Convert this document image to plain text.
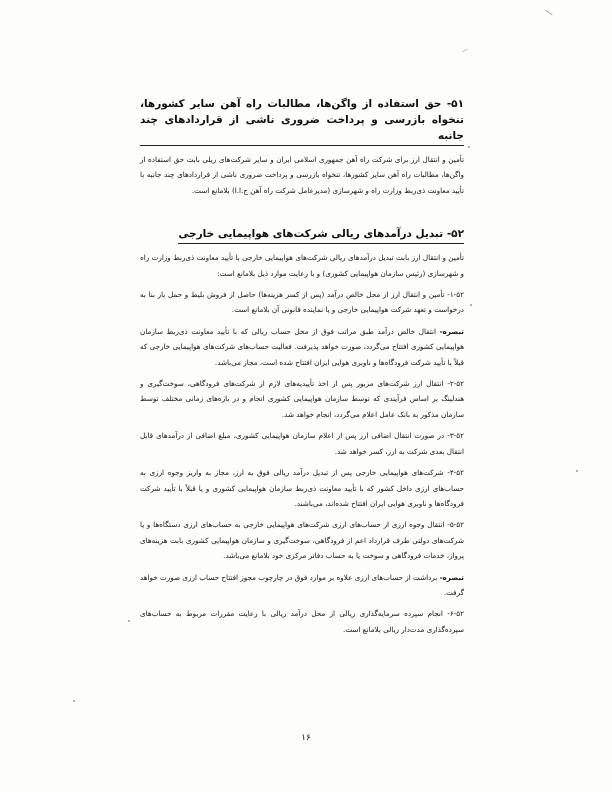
۵۱- حق استفاده از واگن‌ها، مطالبات راه آهن سایر کشورها، تنخواه بازرسی و پرداخت ضروری ناشی از قراردادهای چند جانبه

تأمین و انتقال ارز برای شرکت راه آهن جمهوری اسلامی ایران و سایر شرکت‌های ریلی بابت حق استفاده از واگن‌ها، مطالبات راه آهن سایر کشورها، تنخواه بازرسی و پرداخت ضروری ناشی از قراردادهای چند جانبه با تأیید معاونت ذی‌ربط وزارت راه و شهرسازی (مدیرعامل شرکت راه آهن ج.ا.ا) بلامانع است.

۵۲- تبدیل درآمدهای ریالی شرکت‌های هواپیمایی خارجی

تأمین و انتقال ارز بابت تبدیل درآمدهای ریالی شرکت‌های هواپیمایی خارجی با تأیید معاونت ذی‌ربط وزارت راه و شهرسازی (رئیس سازمان هواپیمایی کشوری) و با رعایت موارد ذیل بلامانع است:

۱-۵۲- تأمین و انتقال ارز از محل خالص درآمد (پس از کسر هزینه‌ها) حاصل از فروش بلیط و حمل بار بنا به درخواست و تعهد شرکت هواپیمایی خارجی و یا نماینده قانونی آن بلامانع است.

تبصره- انتقال خالص درآمد طبق مراتب فوق از محل حساب ریالی که با تأیید معاونت ذی‌ربط سازمان هواپیمایی کشوری افتتاح می‌گردد، صورت خواهد پذیرفت. فعالیت حساب‌های شرکت‌های هواپیمایی خارجی که قبلاً با تأیید شرکت فرودگاه‌ها و ناوبری هوایی ایران افتتاح شده است، مجاز می‌باشد.

۲-۵۲- انتقال ارز شرکت‌های مزبور پس از اخذ تأییدیه‌های لازم از شرکت‌های فرودگاهی، سوخت‌گیری و هندلینگ بر اساس فرآیندی که توسط سازمان هواپیمایی کشوری انجام و در بازه‌های زمانی مختلف توسط سازمان مذکور به بانک عامل اعلام می‌گردد، انجام خواهد شد.

۳-۵۲- در صورت انتقال اضافی ارز پس از اعلام سازمان هواپیمایی کشوری، مبلغ اضافی از درآمدهای قابل انتقال بعدی شرکت به ارز، کسر خواهد شد.

۴-۵۲- شرکت‌های هواپیمایی خارجی پس از تبدیل درآمد ریالی فوق به ارز، مجاز به واریز وجوه ارزی به حساب‌های ارزی داخل کشور که با تأیید معاونت ذی‌ربط سازمان هواپیمایی کشوری و یا قبلاً با تأیید شرکت فرودگاه‌ها و ناوبری هوایی ایران افتتاح شده‌اند، می‌باشند.

۵-۵۲- انتقال وجوه ارزی از حساب‌های ارزی شرکت‌های هواپیمایی خارجی به حساب‌های ارزی دستگاه‌ها و یا شرکت‌های دولتی طرف قرارداد اعم از فرودگاهی، سوخت‌گیری و سازمان هواپیمایی کشوری بابت هزینه‌های پرواز، خدمات فرودگاهی و سوخت یا به حساب دفاتر مرکزی خود بلامانع می‌باشد.

تبصره- برداشت از حساب‌های ارزی علاوه بر موارد فوق در چارچوب مجوز افتتاح حساب ارزی صورت خواهد گرفت.

۶-۵۲- انجام سپرده سرمایه‌گذاری ریالی از محل درآمد ریالی با رعایت مقررات مربوط به حساب‌های سپرده‌گذاری مدت‌دار ریالی بلامانع است.

۱۶
